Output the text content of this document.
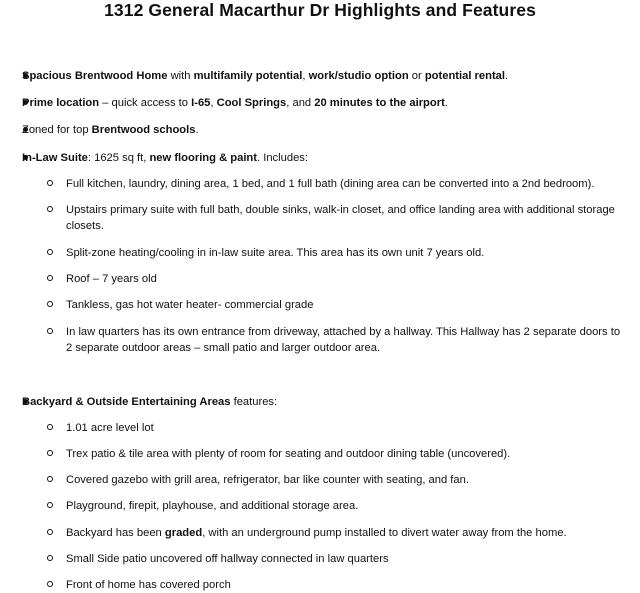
1312 General Macarthur Dr Highlights and Features
Spacious Brentwood Home with multifamily potential, work/studio option or potential rental.
Prime location – quick access to I-65, Cool Springs, and 20 minutes to the airport.
Zoned for top Brentwood schools.
In-Law Suite: 1625 sq ft, new flooring & paint. Includes:
Full kitchen, laundry, dining area, 1 bed, and 1 full bath (dining area can be converted into a 2nd bedroom).
Upstairs primary suite with full bath, double sinks, walk-in closet, and office landing area with additional storage closets.
Split-zone heating/cooling in in-law suite area. This area has its own unit 7 years old.
Roof – 7 years old
Tankless, gas hot water heater- commercial grade
In law quarters has its own entrance from driveway, attached by a hallway. This Hallway has 2 separate doors to 2 separate outdoor areas – small patio and larger outdoor area.
Backyard & Outside Entertaining Areas features:
1.01 acre level lot
Trex patio & tile area with plenty of room for seating and outdoor dining table (uncovered).
Covered gazebo with grill area, refrigerator, bar like counter with seating, and fan.
Playground, firepit, playhouse, and additional storage area.
Backyard has been graded, with an underground pump installed to divert water away from the home.
Small Side patio uncovered off hallway connected in law quarters
Front of home has covered porch
